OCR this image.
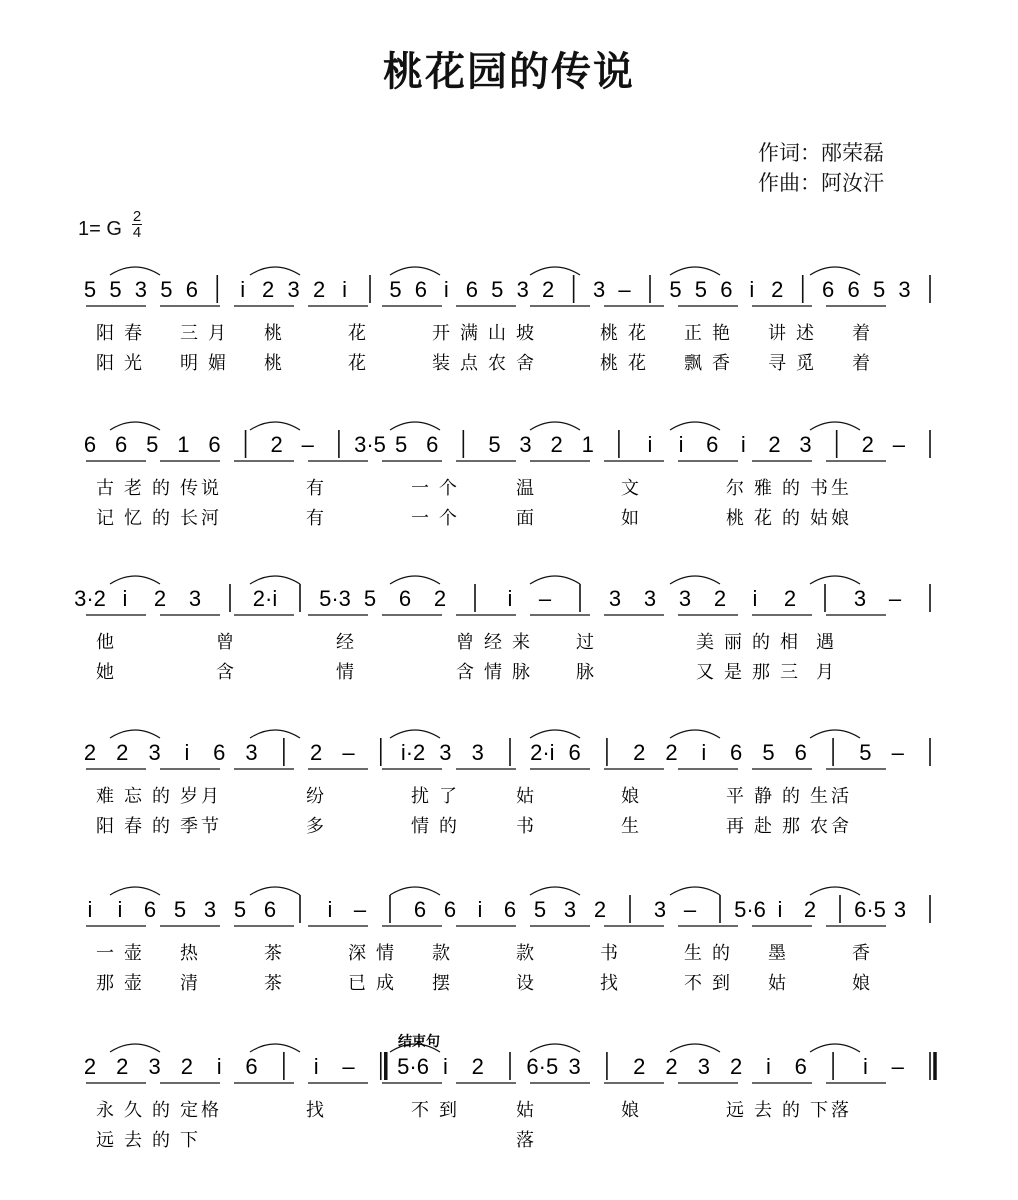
桃花园的传说
作词：邴荣磊
作曲：阿汝汗
1= G
2
4
5 5 3 5 6 i 2 3 2 i 5 6 i 6 5 3 2 3 – 5 5 6 i 2 6 6 5 3
阳春 三月 桃	花	开满山 坡	桃花 正艳 讲述 着
阳光 明媚 桃	花	装点农 舍	桃花 飘香 寻觅 着
6 6 5 1 6 2 – 3·5 5 6 5 3 2 1 i i 6 i 2 3 2 –
古老的传
说	有	一个	温	文	尔雅的书
生
记忆的长
河	有	一个	面	如	桃花的姑
娘
3·2 i 2 3 2·i 5·3 5 6 2	i –	3 3 3 2 i 2	3 –
他	曾	经	曾经来 过	美丽的相 遇
她	含	情	含情脉 脉	又是那三 月
2 2 3 i 6 3 2 – i·2 3 3 2·i 6 2 2 i 6 5 6 5 –
难忘的岁
月	纷	扰了	姑	娘	平静的生
活
阳春的季
节	多	情的	书	生	再赴那农
舍
i i 6 5 3 5 6 i – 6 6 i 6 5 3 2 3 – 5·6 i 2 6·5 3
一壶 热	茶	深情 款	款	书	生的 墨	香
那壶 清	茶	已成 摆	设	找	不到 姑	娘
2 2 3 2 i 6	i – 5·6 i 2 6·5 3 2 2 3 2 i 6	i –
永久的定
格	找	不到	姑	娘	远去的下
落
远去的下	落
结束句
